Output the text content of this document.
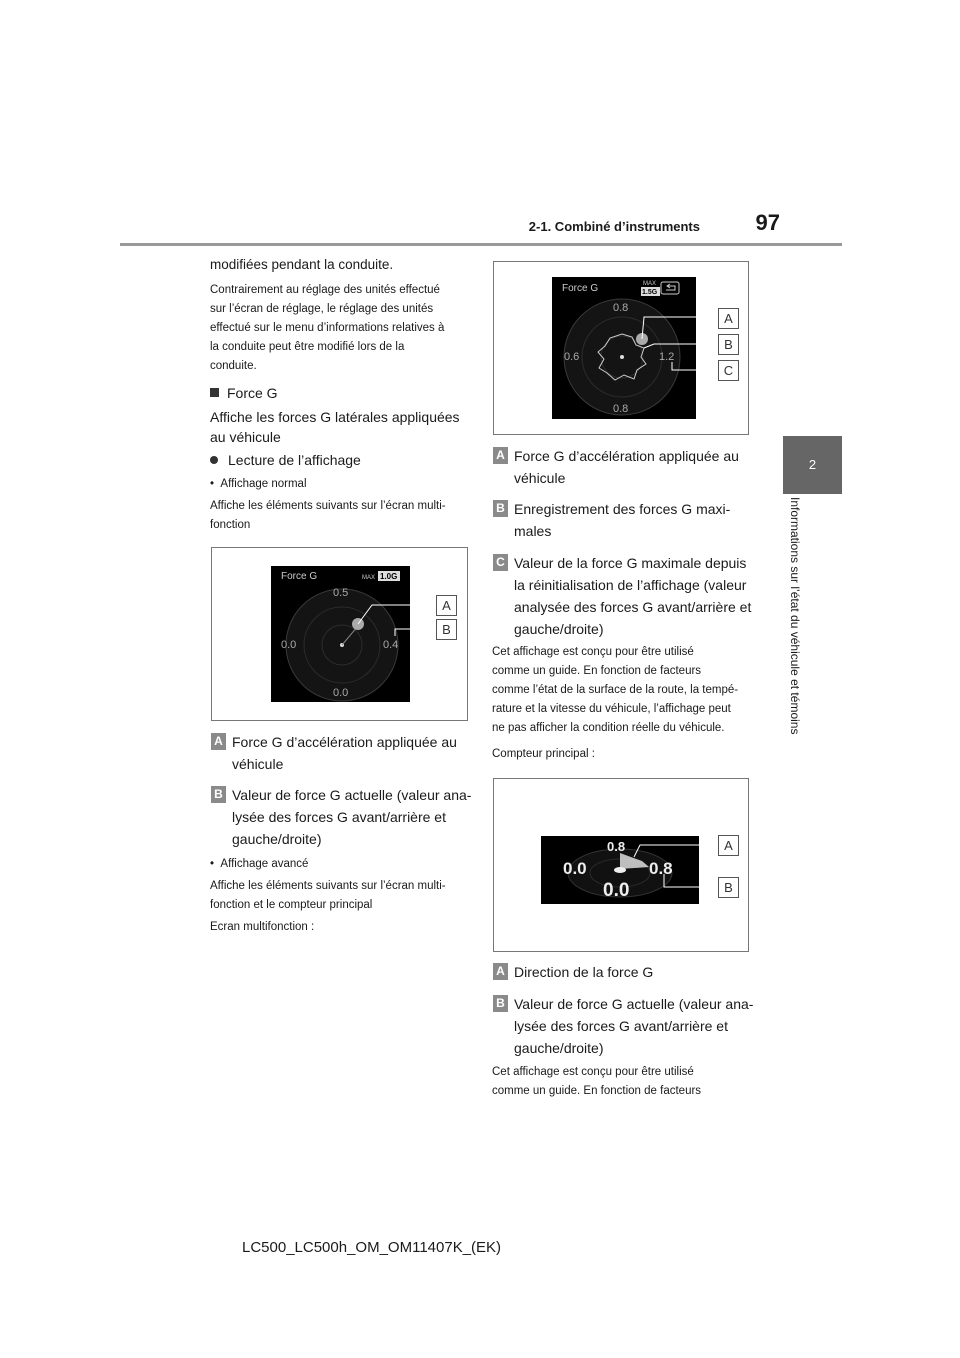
2-1. Combiné d’instruments	97
2
Informations sur l’état du véhicule et témoins
modifiées pendant la conduite.
Contrairement au réglage des unités effectué
sur l’écran de réglage, le réglage des unités
effectué sur le menu d’informations relatives à
la conduite peut être modifié lors de la
conduite.
Force G
Affiche les forces G latérales appliquées
au véhicule
Lecture de l’affichage
• Affichage normal
Affiche les éléments suivants sur l’écran multi-
fonction
Force G	MAX 1.0G
0.5
0.0	0.4
0.0
A
B
A Force G d’accélération appliquée au
véhicule
B Valeur de force G actuelle (valeur ana-
lysée des forces G avant/arrière et
gauche/droite)
• Affichage avancé
Affiche les éléments suivants sur l’écran multi-
fonction et le compteur principal
Ecran multifonction :
Force G	MAX
1.5G
0.8
0.6	1.2
0.8
A
B
C
A Force G d’accélération appliquée au
véhicule
B Enregistrement des forces G maxi-
males
C Valeur de la force G maximale depuis
la réinitialisation de l’affichage (valeur
analysée des forces G avant/arrière et
gauche/droite)
Cet affichage est conçu pour être utilisé
comme un guide. En fonction de facteurs
comme l’état de la surface de la route, la tempé-
rature et la vitesse du véhicule, l’affichage peut
ne pas afficher la condition réelle du véhicule.
Compteur principal :
0.8
0.0	0.8
0.0
A
B
A Direction de la force G
B Valeur de force G actuelle (valeur ana-
lysée des forces G avant/arrière et
gauche/droite)
Cet affichage est conçu pour être utilisé
comme un guide. En fonction de facteurs
LC500_LC500h_OM_OM11407K_(EK)
